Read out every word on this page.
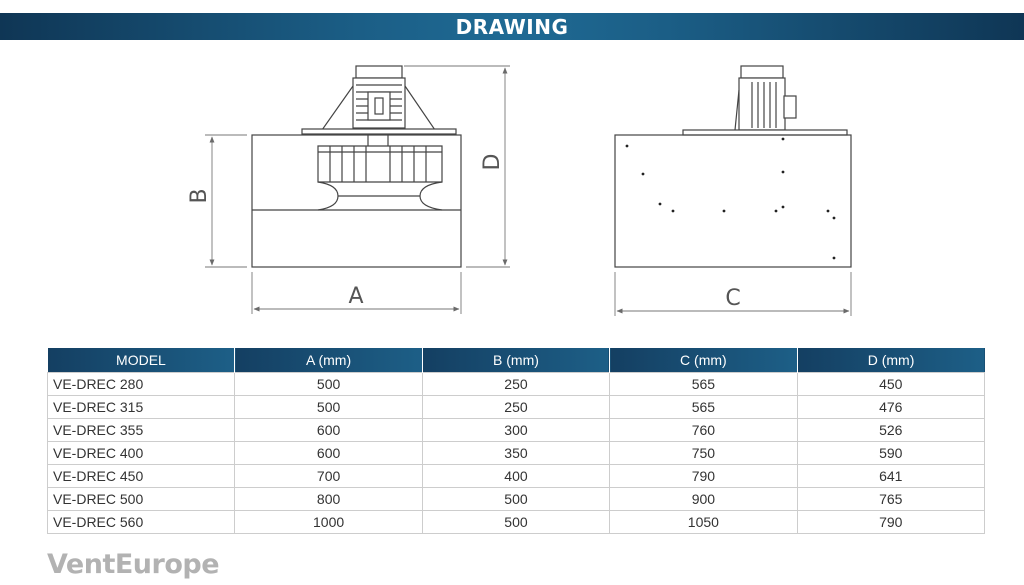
DRAWING
A
B
D
C
MODEL	A (mm)	B (mm)	C (mm)	D (mm)
VE-DREC 280	500	250	565	450
VE-DREC 315	500	250	565	476
VE-DREC 355	600	300	760	526
VE-DREC 400	600	350	750	590
VE-DREC 450	700	400	790	641
VE-DREC 500	800	500	900	765
VE-DREC 560	1000	500	1050	790
VentEurope
